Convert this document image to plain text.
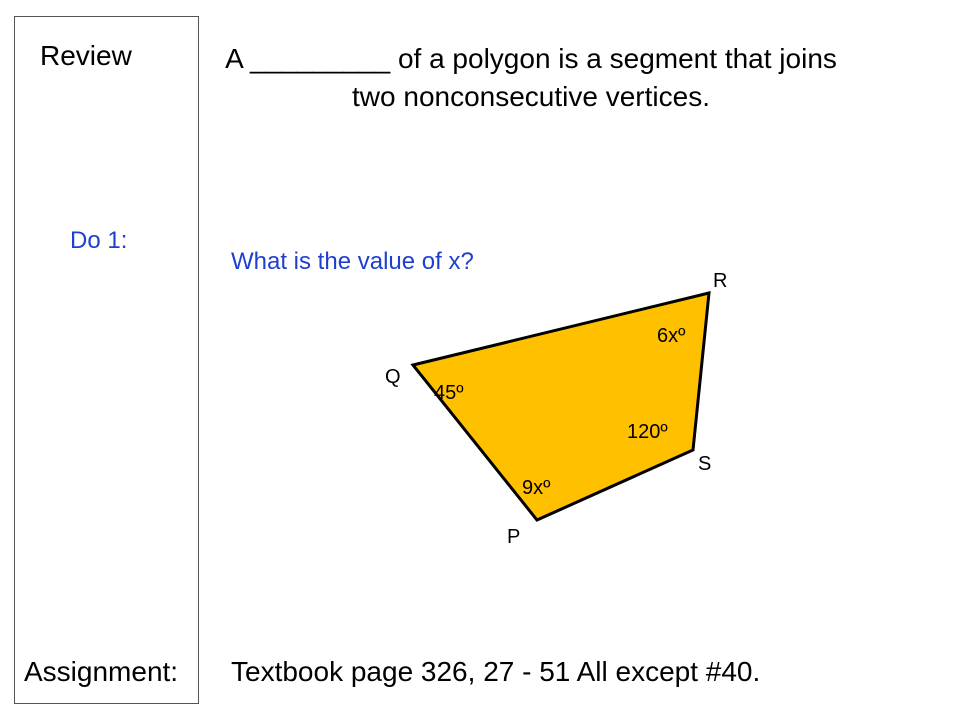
Review	A _________ of a polygon is a segment that joins two nonconsecutive vertices.
Do 1:
What is the value of x?
R
Q
S
P
6xº
45º
120º
9xº
Assignment: Textbook page 326, 27 - 51 All except #40.
